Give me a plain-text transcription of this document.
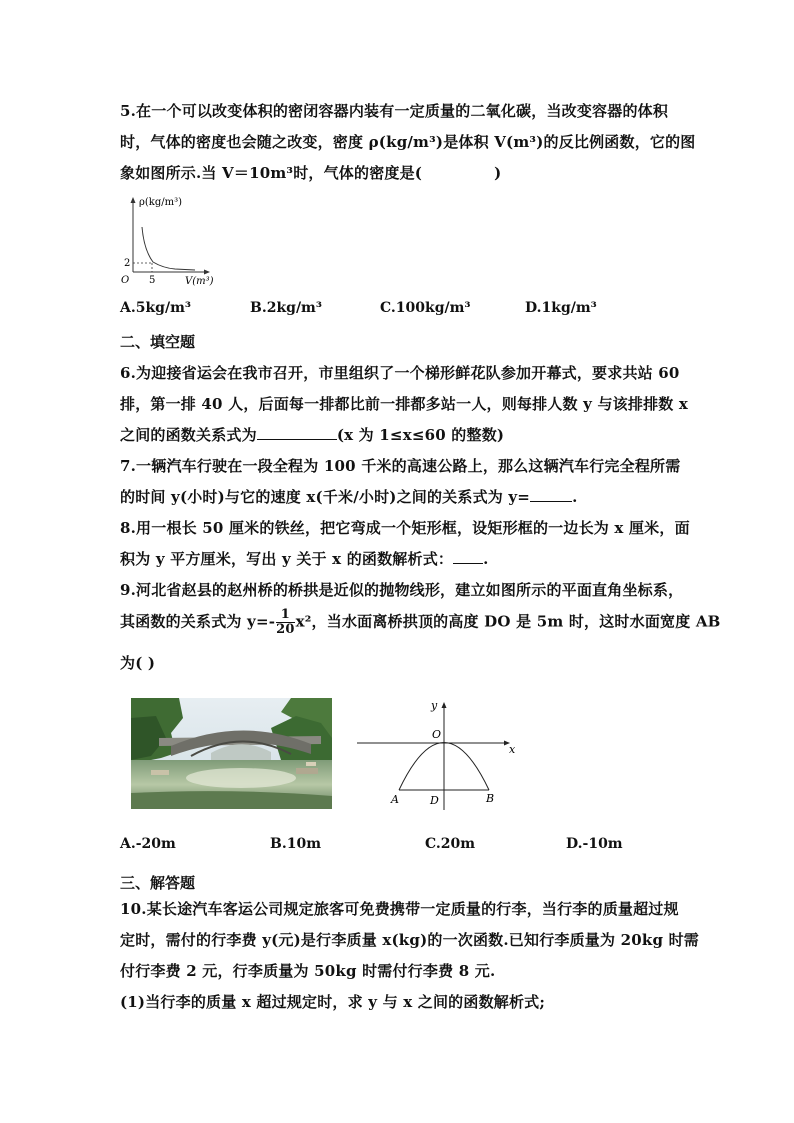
5.在一个可以改变体积的密闭容器内装有一定质量的二氧化碳，当改变容器的体积
时，气体的密度也会随之改变，密度 ρ(kg/m³)是体积 V(m³)的反比例函数，它的图
象如图所示.当 V＝10m³时，气体的密度是(	)
ρ(kg/m³)
V(m³)
O
2
5
A.5kg/m³	B.2kg/m³	C.100kg/m³	D.1kg/m³
二、填空题
6.为迎接省运会在我市召开，市里组织了一个梯形鲜花队参加开幕式，要求共站 60
排，第一排 40 人，后面每一排都比前一排都多站一人，则每排人数 y 与该排排数 x
之间的函数关系式为	(x 为 1≤x≤60 的整数)
7.一辆汽车行驶在一段全程为 100 千米的高速公路上，那么这辆汽车行完全程所需
的时间 y(小时)与它的速度 x(千米/小时)之间的关系式为 y=	.
8.用一根长 50 厘米的铁丝，把它弯成一个矩形框，设矩形框的一边长为 x 厘米，面
积为 y 平方厘米，写出 y 关于 x 的函数解析式： .
9.河北省赵县的赵州桥的桥拱是近似的抛物线形，建立如图所示的平面直角坐标系，
其函数的关系式为 $y=- \frac{1}{20} x^2$，当水面离桥拱顶的高度 DO 是 5m 时，这时水面宽度 AB
为( )
y
x
O
A	D	B
A.-20m	B.10m	C.20m	D.-10m
三、解答题
10.某长途汽车客运公司规定旅客可免费携带一定质量的行李，当行李的质量超过规
定时，需付的行李费 y(元)是行李质量 x(kg)的一次函数.已知行李质量为 20kg 时需
付行李费 2 元，行李质量为 50kg 时需付行李费 8 元.
(1)当行李的质量 x 超过规定时，求 y 与 x 之间的函数解析式;
